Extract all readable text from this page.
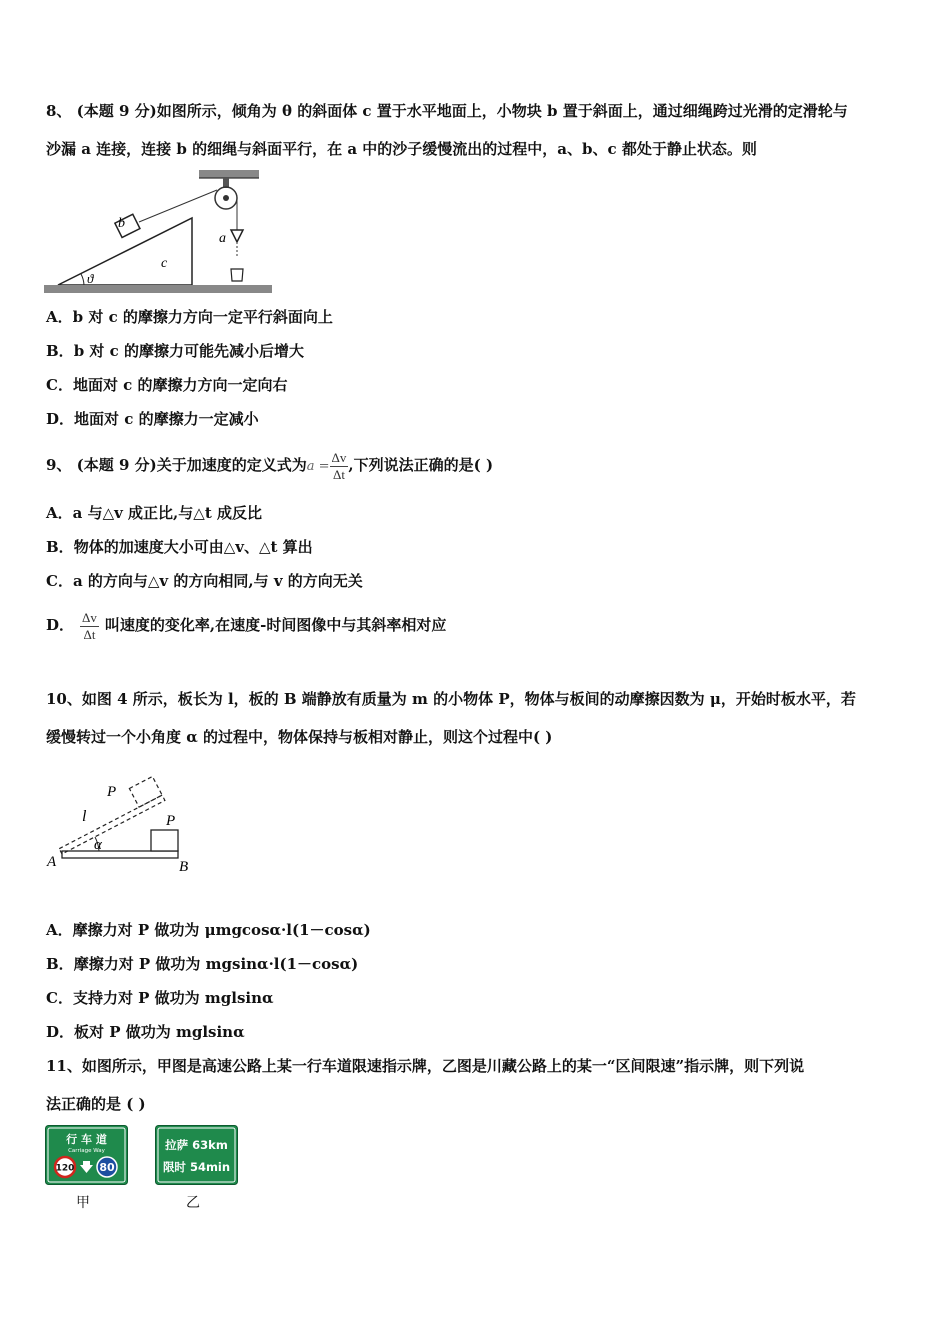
8、 (本题 9 分)如图所示，倾角为 θ 的斜面体 c 置于水平地面上，小物块 b 置于斜面上，通过细绳跨过光滑的定滑轮与
沙漏 a 连接，连接 b 的细绳与斜面平行，在 a 中的沙子缓慢流出的过程中，a、b、c 都处于静止状态。则
b
c
a
ϑ
A．b 对 c 的摩擦力方向一定平行斜面向上
B．b 对 c 的摩擦力可能先减小后增大
C．地面对 c 的摩擦力方向一定向右
D．地面对 c 的摩擦力一定减小
9、 (本题 9 分)关于加速度的定义式为$a = \frac{\Delta v}{\Delta t}$ ,下列说法正确的是( )
A．a 与△v 成正比,与△t 成反比
B．物体的加速度大小可由△v、△t 算出
C．a 的方向与△v 的方向相同,与 v 的方向无关
D． $\frac{\Delta v}{\Delta t}$ 叫速度的变化率,在速度-时间图像中与其斜率相对应
10、如图 4 所示，板长为 l，板的 B 端静放有质量为 m 的小物体 P，物体与板间的动摩擦因数为 μ，开始时板水平，若
缓慢转过一个小角度 α 的过程中，物体保持与板相对静止，则这个过程中( )
P
l	P
α
A	B
A．摩擦力对 P 做功为 μmgcosα·l(1－cosα)
B．摩擦力对 P 做功为 mgsinα·l(1－cosα)
C．支持力对 P 做功为 mglsinα
D．板对 P 做功为 mglsinα
11、如图所示，甲图是高速公路上某一行车道限速指示牌，乙图是川藏公路上的某一“区间限速”指示牌，则下列说
法正确的是 ( )
行 车 道
Carriage Way
120 80
甲
拉萨 63km
限时 54min
乙
